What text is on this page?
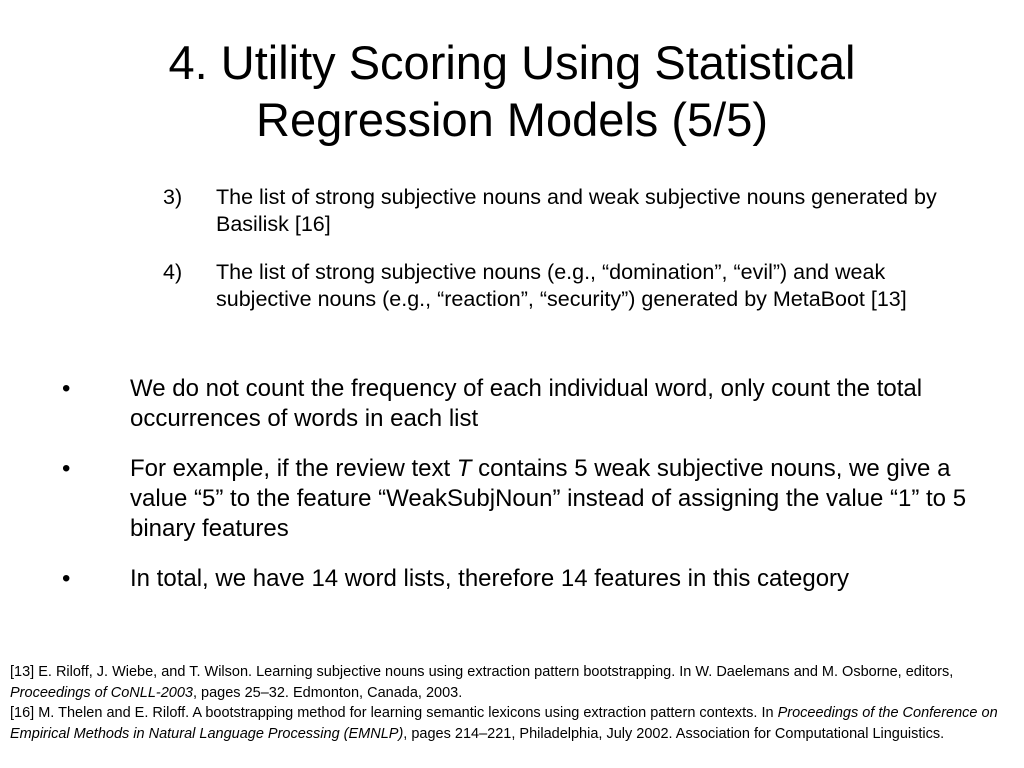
4. Utility Scoring Using Statistical
Regression Models (5/5)
3) The list of strong subjective nouns and weak subjective nouns generated by Basilisk [16]
4) The list of strong subjective nouns (e.g., “domination”, “evil”) and weak subjective nouns (e.g., “reaction”, “security”) generated by MetaBoot [13]
• We do not count the frequency of each individual word, only count the total occurrences of words in each list
• For example, if the review text T contains 5 weak subjective nouns, we give a value “5” to the feature “WeakSubjNoun” instead of assigning the value “1” to 5 binary features
• In total, we have 14 word lists, therefore 14 features in this category

[13] E. Riloff, J. Wiebe, and T. Wilson. Learning subjective nouns using extraction pattern bootstrapping. In W. Daelemans and M. Osborne, editors, Proceedings of CoNLL-2003, pages 25–32. Edmonton, Canada, 2003.

[16] M. Thelen and E. Riloff. A bootstrapping method for learning semantic lexicons using extraction pattern contexts. In Proceedings of the Conference on Empirical Methods in Natural Language Processing (EMNLP), pages 214–221, Philadelphia, July 2002. Association for Computational Linguistics.
